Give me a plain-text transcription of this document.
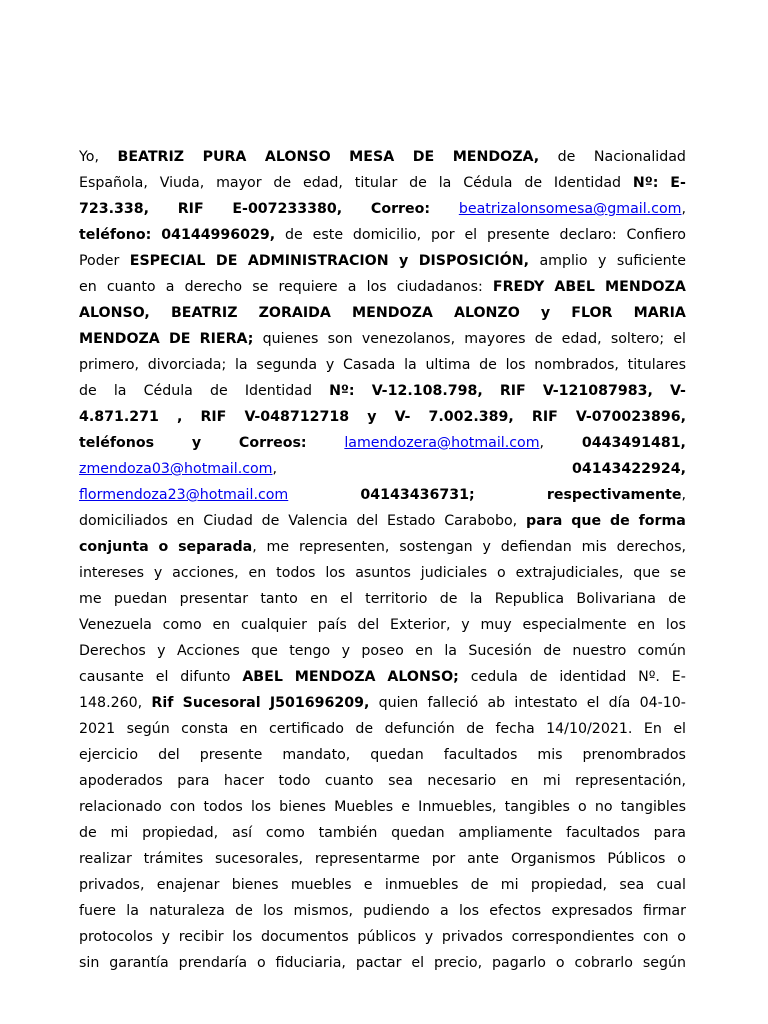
Yo, BEATRIZ PURA ALONSO MESA DE MENDOZA, de Nacionalidad
Española, Viuda, mayor de edad, titular de la Cédula de Identidad Nº: E-
723.338, RIF E-007233380, Correo: beatrizalonsomesa@gmail.com,
teléfono: 04144996029, de este domicilio, por el presente declaro: Confiero
Poder ESPECIAL DE ADMINISTRACION y DISPOSICIÓN, amplio y suficiente
en cuanto a derecho se requiere a los ciudadanos: FREDY ABEL MENDOZA
ALONSO, BEATRIZ ZORAIDA MENDOZA ALONZO y FLOR MARIA
MENDOZA DE RIERA; quienes son venezolanos, mayores de edad, soltero; el
primero, divorciada; la segunda y Casada la ultima de los nombrados, titulares
de la Cédula de Identidad Nº: V-12.108.798, RIF V-121087983, V-
4.871.271 , RIF V-048712718 y V- 7.002.389, RIF V-070023896,
teléfonos	y	Correos:	lamendozera@hotmail.com,	0443491481,
zmendoza03@hotmail.com,	04143422924,
flormendoza23@hotmail.com	04143436731;	respectivamente,
domiciliados en Ciudad de Valencia del Estado Carabobo, para que de forma
conjunta o separada, me representen, sostengan y defiendan mis derechos,
intereses y acciones, en todos los asuntos judiciales o extrajudiciales, que se
me puedan presentar tanto en el territorio de la Republica Bolivariana de
Venezuela como en cualquier país del Exterior, y muy especialmente en los
Derechos y Acciones que tengo y poseo en la Sucesión de nuestro común
causante el difunto ABEL MENDOZA ALONSO; cedula de identidad Nº. E-
148.260, Rif Sucesoral J501696209, quien falleció ab intestato el día 04-10-
2021 según consta en certificado de defunción de fecha 14/10/2021. En el
ejercicio del presente mandato, quedan facultados mis prenombrados
apoderados para hacer todo cuanto sea necesario en mi representación,
relacionado con todos los bienes Muebles e Inmuebles, tangibles o no tangibles
de mi propiedad, así como también quedan ampliamente facultados para
realizar trámites sucesorales, representarme por ante Organismos Públicos o
privados, enajenar bienes muebles e inmuebles de mi propiedad, sea cual
fuere la naturaleza de los mismos, pudiendo a los efectos expresados firmar
protocolos y recibir los documentos públicos y privados correspondientes con o
sin garantía prendaría o fiduciaria, pactar el precio, pagarlo o cobrarlo según
